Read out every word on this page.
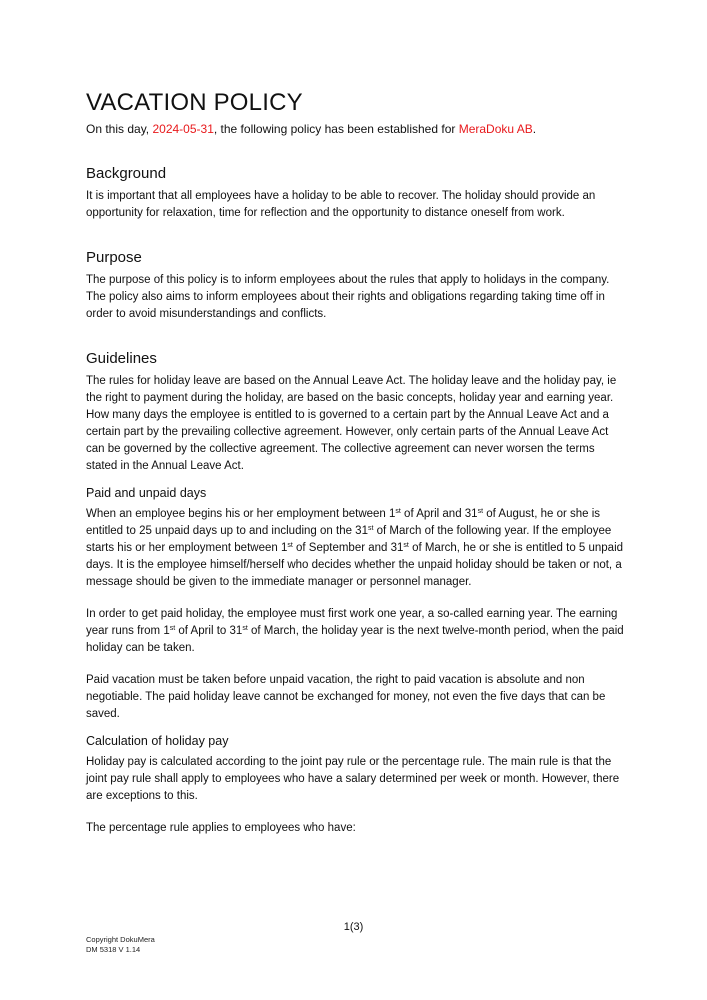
VACATION POLICY

On this day, 2024-05-31, the following policy has been established for MeraDoku AB.

Background

It is important that all employees have a holiday to be able to recover. The holiday should provide an opportunity for relaxation, time for reflection and the opportunity to distance oneself from work.

Purpose

The purpose of this policy is to inform employees about the rules that apply to holidays in the company. The policy also aims to inform employees about their rights and obligations regarding taking time off in order to avoid misunderstandings and conflicts.

Guidelines

The rules for holiday leave are based on the Annual Leave Act. The holiday leave and the holiday pay, ie the right to payment during the holiday, are based on the basic concepts, holiday year and earning year. How many days the employee is entitled to is governed to a certain part by the Annual Leave Act and a certain part by the prevailing collective agreement. However, only certain parts of the Annual Leave Act can be governed by the collective agreement. The collective agreement can never worsen the terms stated in the Annual Leave Act.

Paid and unpaid days

When an employee begins his or her employment between 1st of April and 31st of August, he or she is entitled to 25 unpaid days up to and including on the 31st of March of the following year. If the employee starts his or her employment between 1st of September and 31st of March, he or she is entitled to 5 unpaid days. It is the employee himself/herself who decides whether the unpaid holiday should be taken or not, a message should be given to the immediate manager or personnel manager.

In order to get paid holiday, the employee must first work one year, a so-called earning year. The earning year runs from 1st of April to 31st of March, the holiday year is the next twelve-month period, when the paid holiday can be taken.

Paid vacation must be taken before unpaid vacation, the right to paid vacation is absolute and non negotiable. The paid holiday leave cannot be exchanged for money, not even the five days that can be saved.

Calculation of holiday pay

Holiday pay is calculated according to the joint pay rule or the percentage rule. The main rule is that the joint pay rule shall apply to employees who have a salary determined per week or month. However, there are exceptions to this.

The percentage rule applies to employees who have:

1(3)
Copyright DokuMera
DM 5318 V 1.14
